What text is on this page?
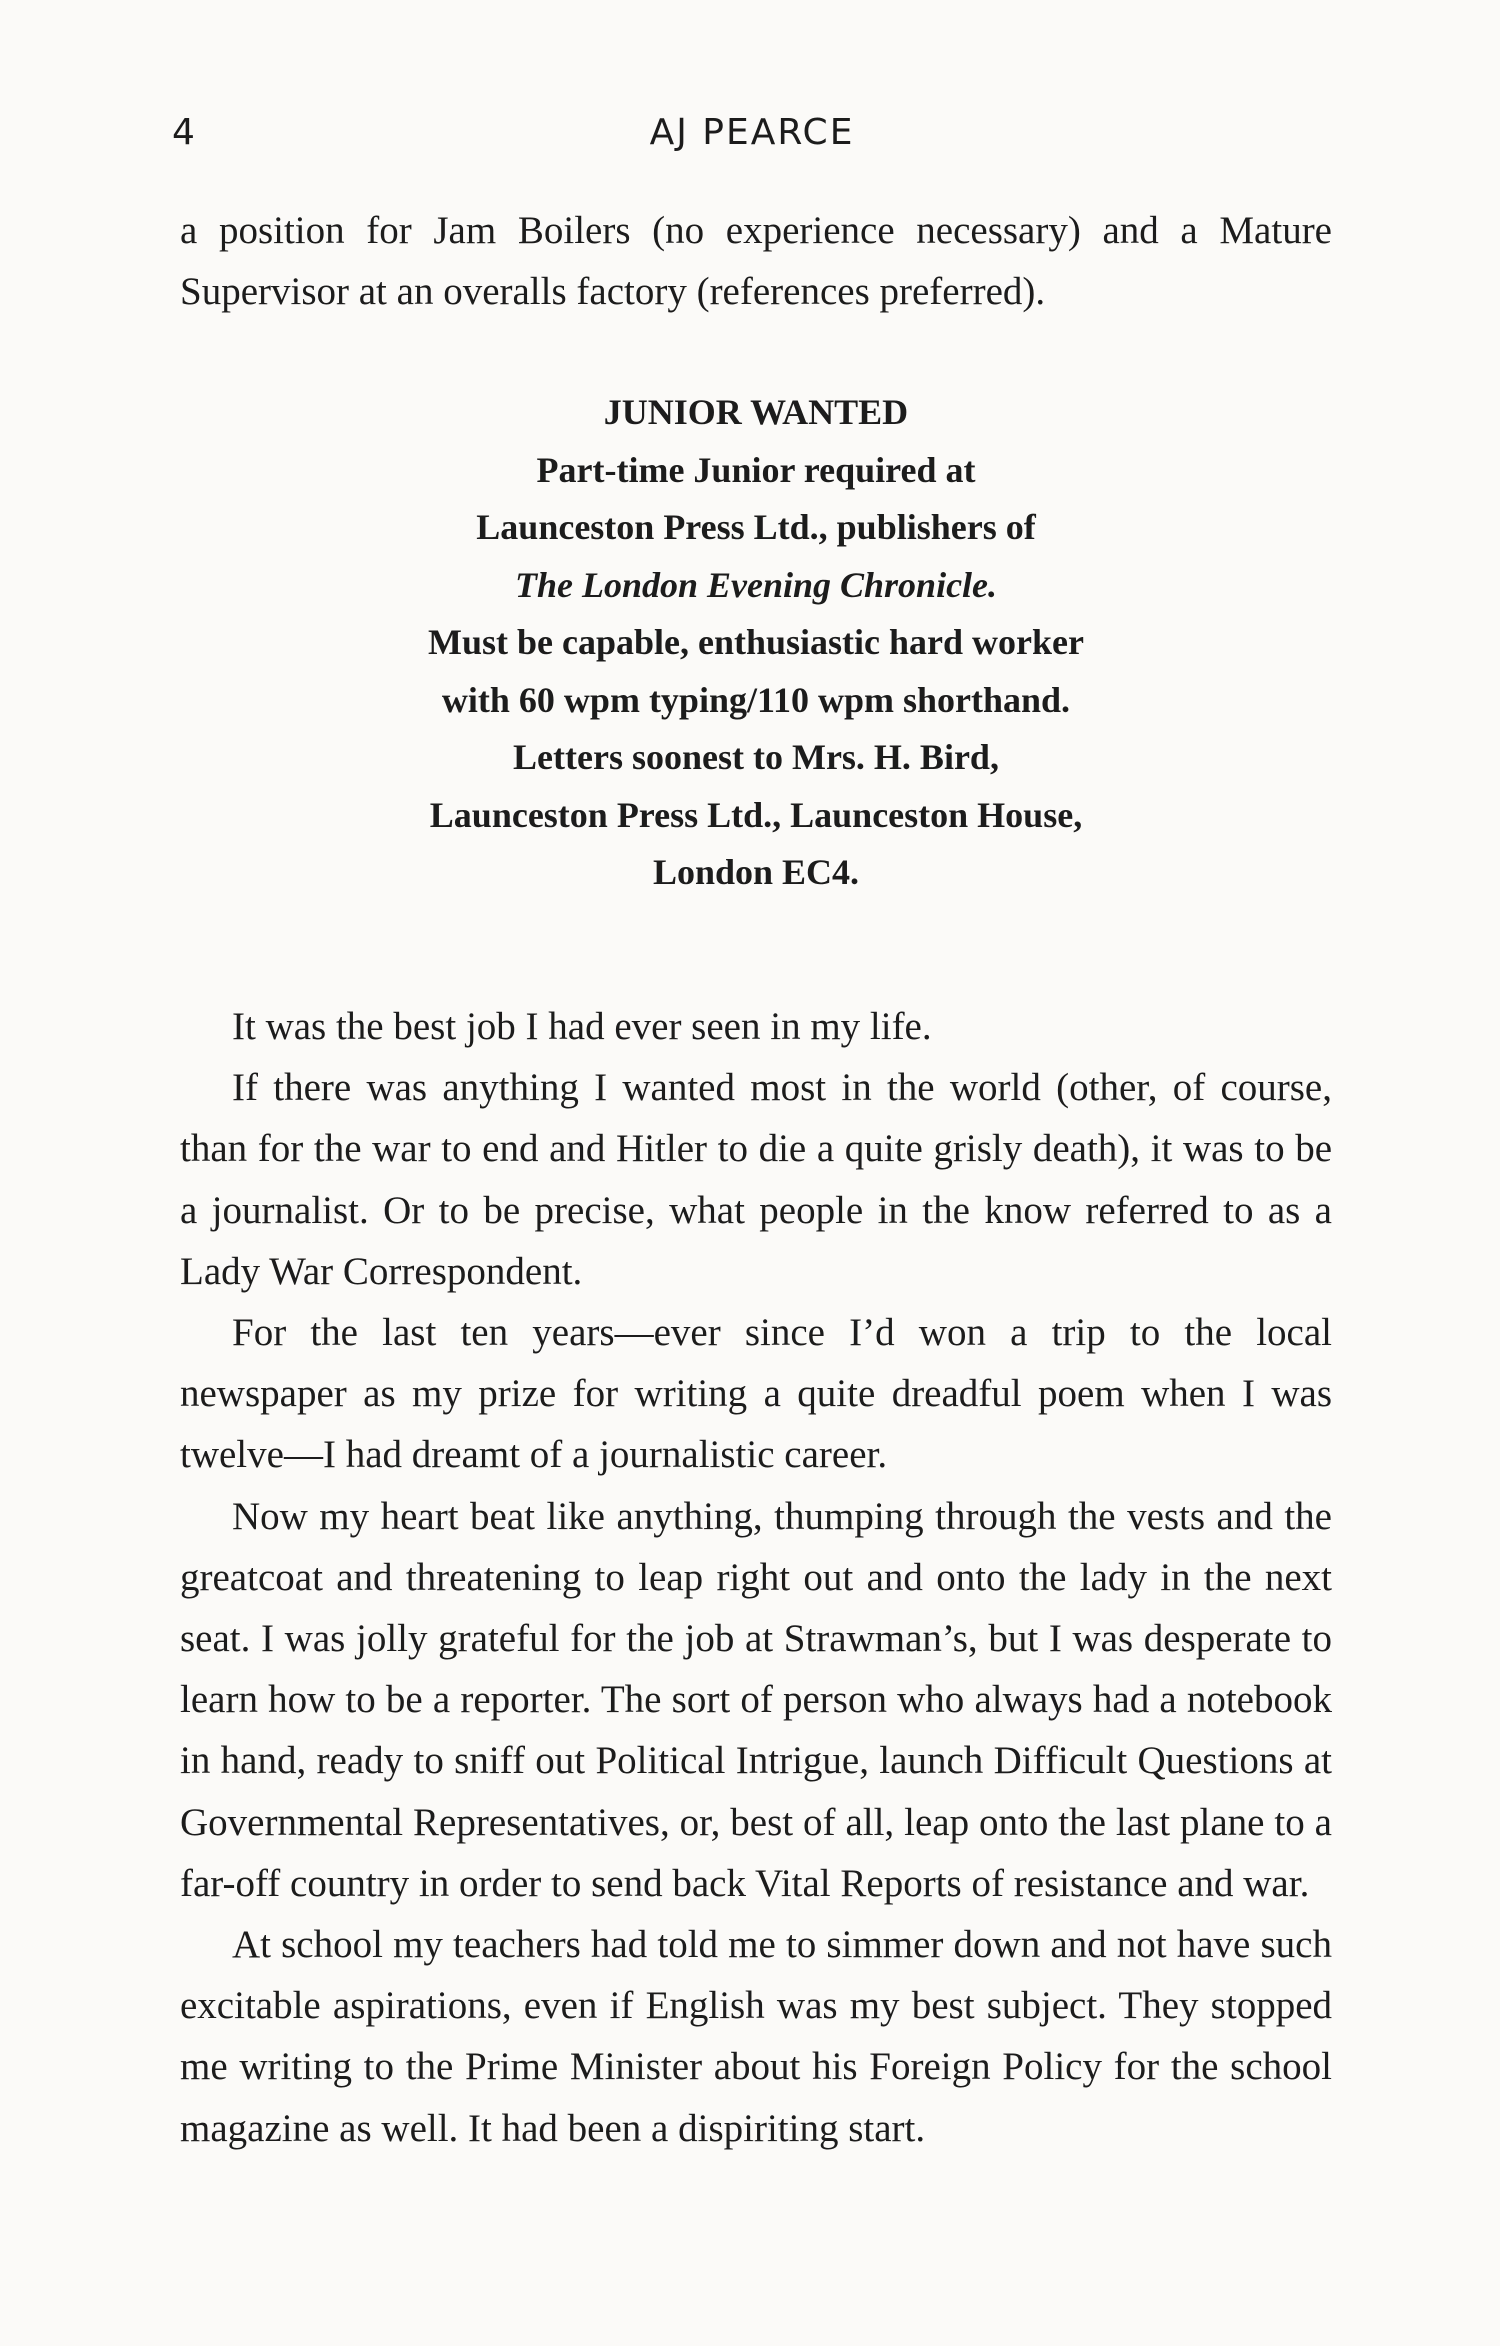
4	AJ PEARCE

a position for Jam Boilers (no experience necessary) and a Mature Supervisor at an overalls factory (references preferred).

JUNIOR WANTED
Part-time Junior required at
Launceston Press Ltd., publishers of
The London Evening Chronicle.
Must be capable, enthusiastic hard worker
with 60 wpm typing/110 wpm shorthand.
Letters soonest to Mrs. H. Bird,
Launceston Press Ltd., Launceston House,
London EC4.

It was the best job I had ever seen in my life.

If there was anything I wanted most in the world (other, of course, than for the war to end and Hitler to die a quite grisly death), it was to be a journalist. Or to be precise, what people in the know referred to as a Lady War Correspondent.

For the last ten years—ever since I’d won a trip to the local newspaper as my prize for writing a quite dreadful poem when I was twelve—I had dreamt of a journalistic career.

Now my heart beat like anything, thumping through the vests and the greatcoat and threatening to leap right out and onto the lady in the next seat. I was jolly grateful for the job at Strawman’s, but I was desperate to learn how to be a reporter. The sort of person who always had a notebook in hand, ready to sniff out Political Intrigue, launch Difficult Questions at Governmental Representatives, or, best of all, leap onto the last plane to a far-off country in order to send back Vital Reports of resistance and war.

At school my teachers had told me to simmer down and not have such excitable aspirations, even if English was my best subject. They stopped me writing to the Prime Minister about his Foreign Policy for the school magazine as well. It had been a dispiriting start.
